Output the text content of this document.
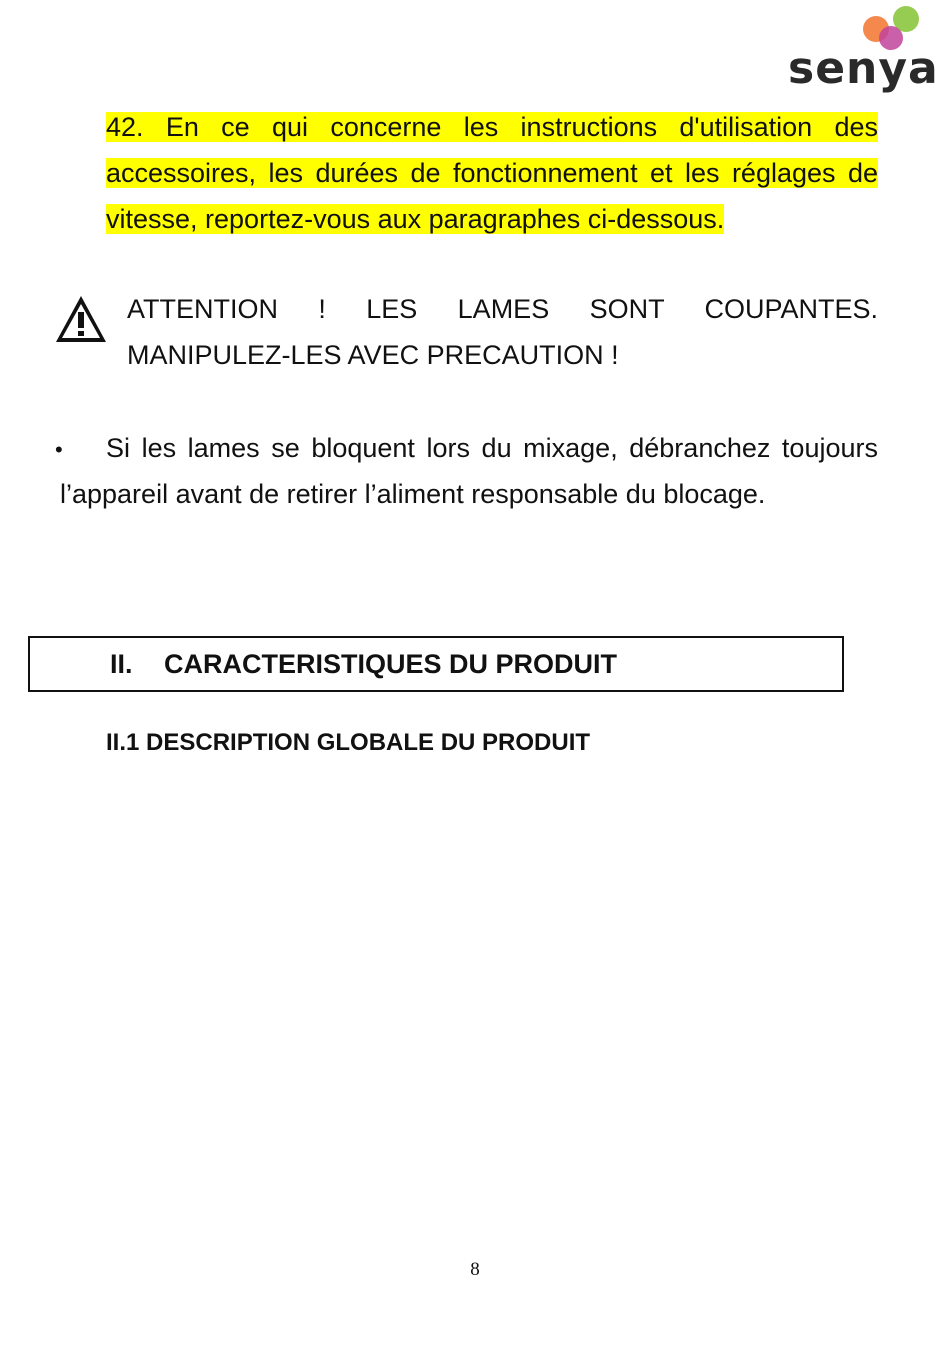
senya
42. En ce qui concerne les instructions d'utilisation des accessoires, les durées de fonctionnement et les réglages de vitesse, reportez-vous aux paragraphes ci-dessous.
ATTENTION ! LES LAMES SONT COUPANTES. MANIPULEZ-LES AVEC PRECAUTION !
•	Si les lames se bloquent lors du mixage, débranchez toujours l’appareil avant de retirer l’aliment responsable du blocage.
II. CARACTERISTIQUES DU PRODUIT
II.1 DESCRIPTION GLOBALE DU PRODUIT
8
